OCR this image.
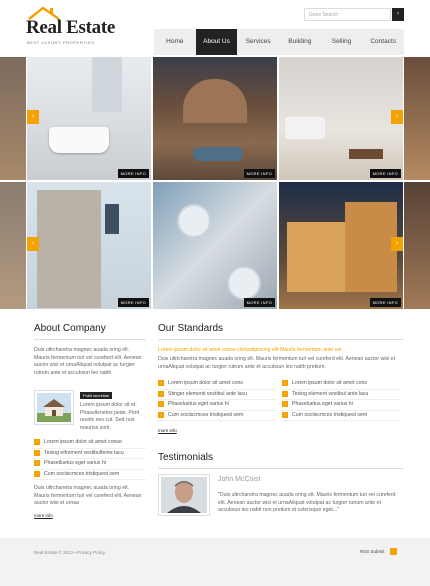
Real Estate
BEST LUXURY PROPERTIES
Goes Search	›
Home	About Us	Services	Building	Selling	Contacts
MORE INFO	MORE INFO	MORE INFO
MORE INFO	MORE INFO	MORE INFO
‹	›
‹	›
About Company
Duis ultrcharetra magnec auada oring elt. Mauris fermentum turi vel cureferd elit. Aenean auctor wisi et urnaAliquat volutpat ac turgier rutrum ante et accubsun leo nabh.
Publi secretiae
Lorem ipsum dolor sit et. Phasellenetos pede. Perit reuiris nes cut. Sed rust mauriss sorti.
›	Lorem ipsum dolor sit amet conse
›	Tesing elfrement vestibulfente lacu
›	Phaselluetus eget varius hi
›	Cum sociiscmces tristiquest sem
Duis ultrcharetra magnec auada oring elt. Mauris fermentum turi vel cureferd elit. Aenean auctor wisi et urnaa
more info
Our Standards
Lorem ipsum dolor sit amet conse cteturdipiscing elit Mauris fermentum ante vel
Duis ultricharetra magnec auada oring elt. Mauris fermentum turi vel cureferd elit. Aenean auctor wisi et urnaAliquat volutpat ac turgier rutrum ante et accubsun leo nabh pretium.
›	Lorem ipsum dolor sit amet cons
›	Stinger elementi vestibul ante lacu
›	Phaseluetus eget varius hi
›	Cum sociiscmces tristiquest sem
›	Lorem ipsum dolor sit amet cons
›	Tesing element vestibul ante lacu
›	Phaseluetus eget varius hi
›	Cum sociiscmces tristiquest sem
more info
Testimonials
John McCoist
"Duis ultrcharetra magnec auada oring elt. Mauris fermentum turi vel cureferd elit. Aenean auctor wisi et urnaAliquat volutpat ac turgier rutrum ante et accubsun leo nabh non pretium et celerisque eget..."
Real Estate © 2013 • Privacy Policy	RSS Submit
